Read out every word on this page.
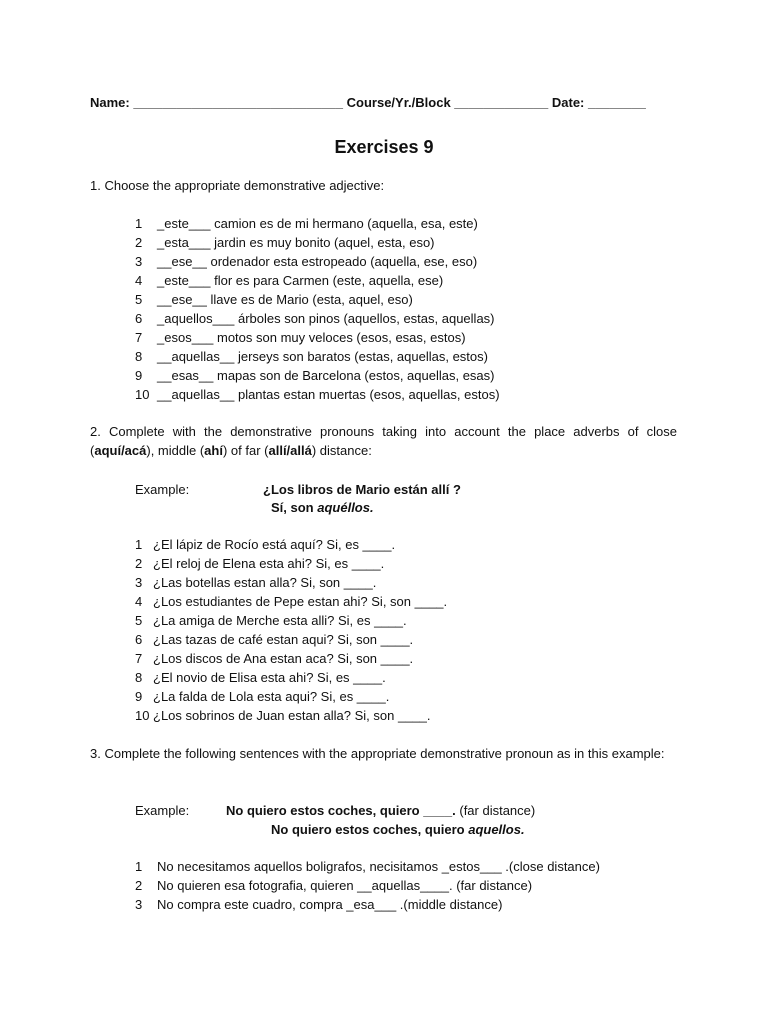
Name: _____________________________ Course/Yr./Block _____________ Date: ________
Exercises 9
1. Choose the appropriate demonstrative adjective:
1 _este___ camion es de mi hermano (aquella, esa, este)
2 _esta___ jardin es muy bonito (aquel, esta, eso)
3 __ese__ ordenador esta estropeado (aquella, ese, eso)
4 _este___ flor es para Carmen (este, aquella, ese)
5 __ese__ llave es de Mario (esta, aquel, eso)
6 _aquellos___ árboles son pinos (aquellos, estas, aquellas)
7 _esos___ motos son muy veloces (esos, esas, estos)
8 __aquellas__ jerseys son baratos (estas, aquellas, estos)
9 __esas__ mapas son de Barcelona (estos, aquellas, esas)
10 __aquellas__ plantas estan muertas (esos, aquellas, estos)
2. Complete with the demonstrative pronouns taking into account the place adverbs of close (aquí/acá), middle (ahí) of far (allí/allá) distance:
Example:	¿Los libros de Mario están allí ?
Sí, son aquéllos.
1 ¿El lápiz de Rocío está aquí? Si, es ____.
2 ¿El reloj de Elena esta ahi? Si, es ____.
3 ¿Las botellas estan alla? Si, son ____.
4 ¿Los estudiantes de Pepe estan ahi? Si, son ____.
5 ¿La amiga de Merche esta alli? Si, es ____.
6 ¿Las tazas de café estan aqui? Si, son ____.
7 ¿Los discos de Ana estan aca? Si, son ____.
8 ¿El novio de Elisa esta ahi? Si, es ____.
9 ¿La falda de Lola esta aqui? Si, es ____.
10 ¿Los sobrinos de Juan estan alla? Si, son ____.
3. Complete the following sentences with the appropriate demonstrative pronoun as in this example:
Example:	No quiero estos coches, quiero ____. (far distance)
No quiero estos coches, quiero aquellos.
1 No necesitamos aquellos boligrafos, necisitamos _estos___ .(close distance)
2 No quieren esa fotografia, quieren __aquellas____. (far distance)
3 No compra este cuadro, compra _esa___ .(middle distance)
